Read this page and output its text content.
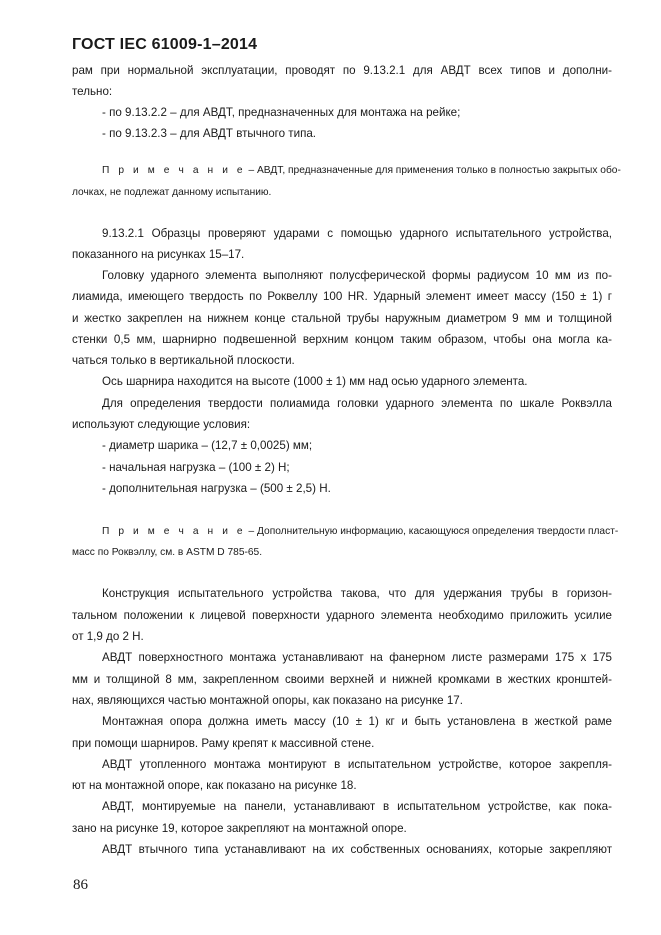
ГОСТ IEC 61009-1–2014
рам при нормальной эксплуатации, проводят по 9.13.2.1 для АВДТ всех типов и дополни-
тельно:
- по 9.13.2.2 – для АВДТ, предназначенных для монтажа на рейке;
- по 9.13.2.3 – для АВДТ втычного типа.
П р и м е ч а н и е – АВДТ, предназначенные для применения только в полностью закрытых обо-
лочках, не подлежат данному испытанию.
9.13.2.1 Образцы проверяют ударами с помощью ударного испытательного устройства,
показанного на рисунках 15–17.
Головку ударного элемента выполняют полусферической формы радиусом 10 мм из по-
лиамида, имеющего твердость по Роквеллу 100 HR. Ударный элемент имеет массу (150 ± 1) г
и жестко закреплен на нижнем конце стальной трубы наружным диаметром 9 мм и толщиной
стенки 0,5 мм, шарнирно подвешенной верхним концом таким образом, чтобы она могла ка-
чаться только в вертикальной плоскости.
Ось шарнира находится на высоте (1000 ± 1) мм над осью ударного элемента.
Для определения твердости полиамида головки ударного элемента по шкале Роквэлла
используют следующие условия:
- диаметр шарика – (12,7 ± 0,0025) мм;
- начальная нагрузка – (100 ± 2) Н;
- дополнительная нагрузка – (500 ± 2,5) Н.
П р и м е ч а н и е – Дополнительную информацию, касающуюся определения твердости пласт-
масс по Роквэллу, см. в ASTM D 785-65.
Конструкция испытательного устройства такова, что для удержания трубы в горизон-
тальном положении к лицевой поверхности ударного элемента необходимо приложить усилие
от 1,9 до 2 Н.
АВДТ поверхностного монтажа устанавливают на фанерном листе размерами 175 х 175
мм и толщиной 8 мм, закрепленном своими верхней и нижней кромками в жестких кронштей-
нах, являющихся частью монтажной опоры, как показано на рисунке 17.
Монтажная опора должна иметь массу (10 ± 1) кг и быть установлена в жесткой раме
при помощи шарниров. Раму крепят к массивной стене.
АВДТ утопленного монтажа монтируют в испытательном устройстве, которое закрепля-
ют на монтажной опоре, как показано на рисунке 18.
АВДТ, монтируемые на панели, устанавливают в испытательном устройстве, как пока-
зано на рисунке 19, которое закрепляют на монтажной опоре.
АВДТ втычного типа устанавливают на их собственных основаниях, которые закрепляют
86
